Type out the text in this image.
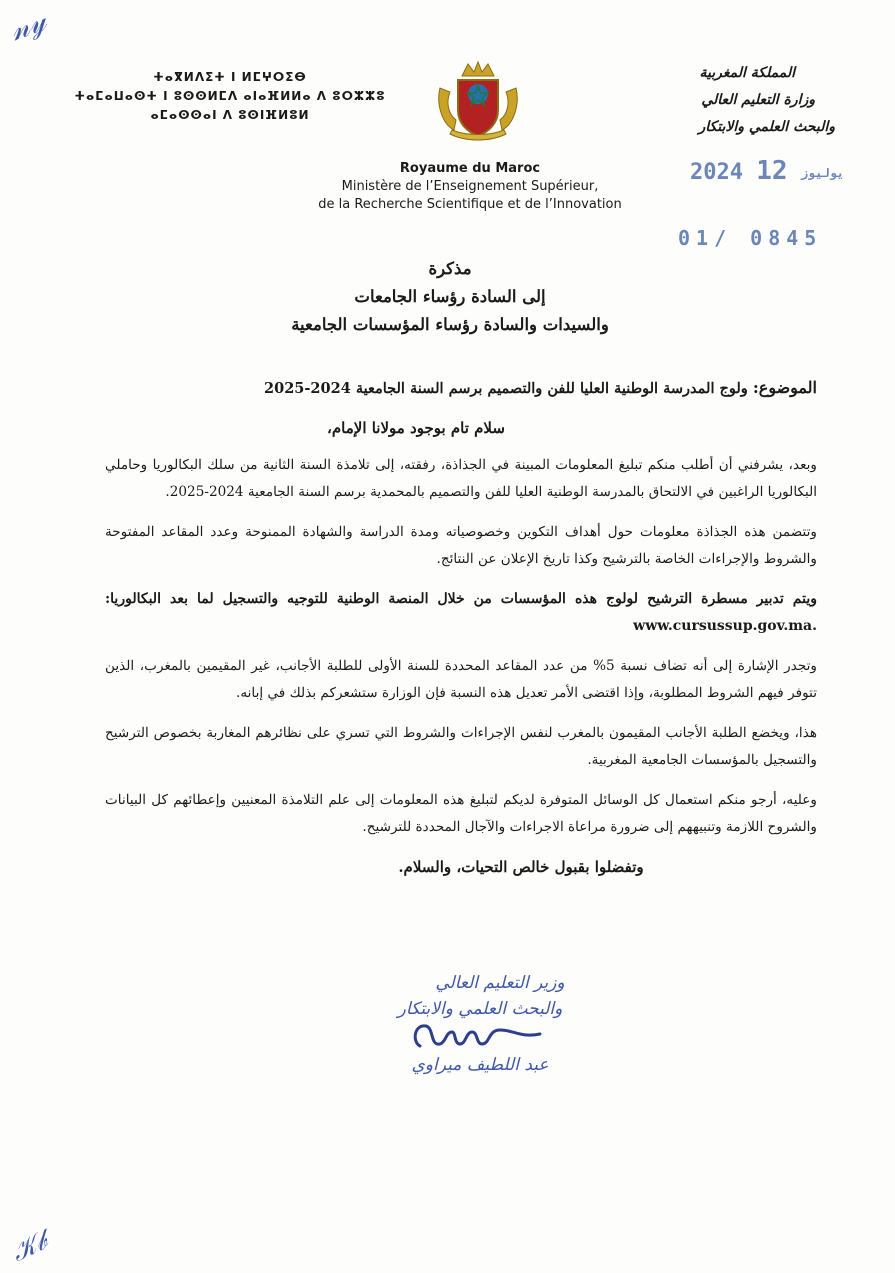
𝓃𝓎
𝒦𝒷
ⵜⴰⴳⵍⴷⵉⵜ ⵏ ⵍⵎⵖⵔⵉⴱ
ⵜⴰⵎⴰⵡⴰⵙⵜ ⵏ ⵓⵙⵙⵍⵎⴷ ⴰⵏⴰⴼⵍⵍⴰ ⴷ ⵓⵔⵣⵣⵓ
ⴰⵎⴰⵙⵙⴰⵏ ⴷ ⵓⵙⵏⴼⵍⵓⵍ
المملكة المغربية
وزارة التعليم العالي
والبحث العلمي والابتكار
Royaume du Maroc
Ministère de l’Enseignement Supérieur,
de la Recherche Scientifique et de l’Innovation
2024	يوليوز 12
01/ 0845
مذكرة
إلى السادة رؤساء الجامعات
والسيدات والسادة رؤساء المؤسسات الجامعية

الموضوع: ولوج المدرسة الوطنية العليا للفن والتصميم برسم السنة الجامعية 2024-2025

سلام تام بوجود مولانا الإمام،

وبعد، يشرفني أن أطلب منكم تبليغ المعلومات المبينة في الجذاذة، رفقته، إلى تلامذة السنة الثانية من سلك البكالوريا وحاملي البكالوريا الراغبين في الالتحاق بالمدرسة الوطنية العليا للفن والتصميم بالمحمدية برسم السنة الجامعية 2024-2025.

وتتضمن هذه الجذاذة معلومات حول أهداف التكوين وخصوصياته ومدة الدراسة والشهادة الممنوحة وعدد المقاعد المفتوحة والشروط والإجراءات الخاصة بالترشيح وكذا تاريخ الإعلان عن النتائج.

ويتم تدبير مسطرة الترشيح لولوج هذه المؤسسات من خلال المنصة الوطنية للتوجيه والتسجيل لما بعد البكالوريا: www.cursussup.gov.ma.

وتجدر الإشارة إلى أنه تضاف نسبة 5% من عدد المقاعد المحددة للسنة الأولى للطلبة الأجانب، غير المقيمين بالمغرب، الذين تتوفر فيهم الشروط المطلوبة، وإذا اقتضى الأمر تعديل هذه النسبة فإن الوزارة ستشعركم بذلك في إبانه.

هذا، ويخضع الطلبة الأجانب المقيمون بالمغرب لنفس الإجراءات والشروط التي تسري على نظائرهم المغاربة بخصوص الترشيح والتسجيل بالمؤسسات الجامعية المغربية.

وعليه، أرجو منكم استعمال كل الوسائل المتوفرة لديكم لتبليغ هذه المعلومات إلى علم التلامذة المعنيين وإعطائهم كل البيانات والشروح اللازمة وتنبيههم إلى ضرورة مراعاة الاجراءات والآجال المحددة للترشيح.

وتفضلوا بقبول خالص التحيات، والسلام.

وزير التعليم العالي
والبحث العلمي والابتكار
عبد اللطيف ميراوي
